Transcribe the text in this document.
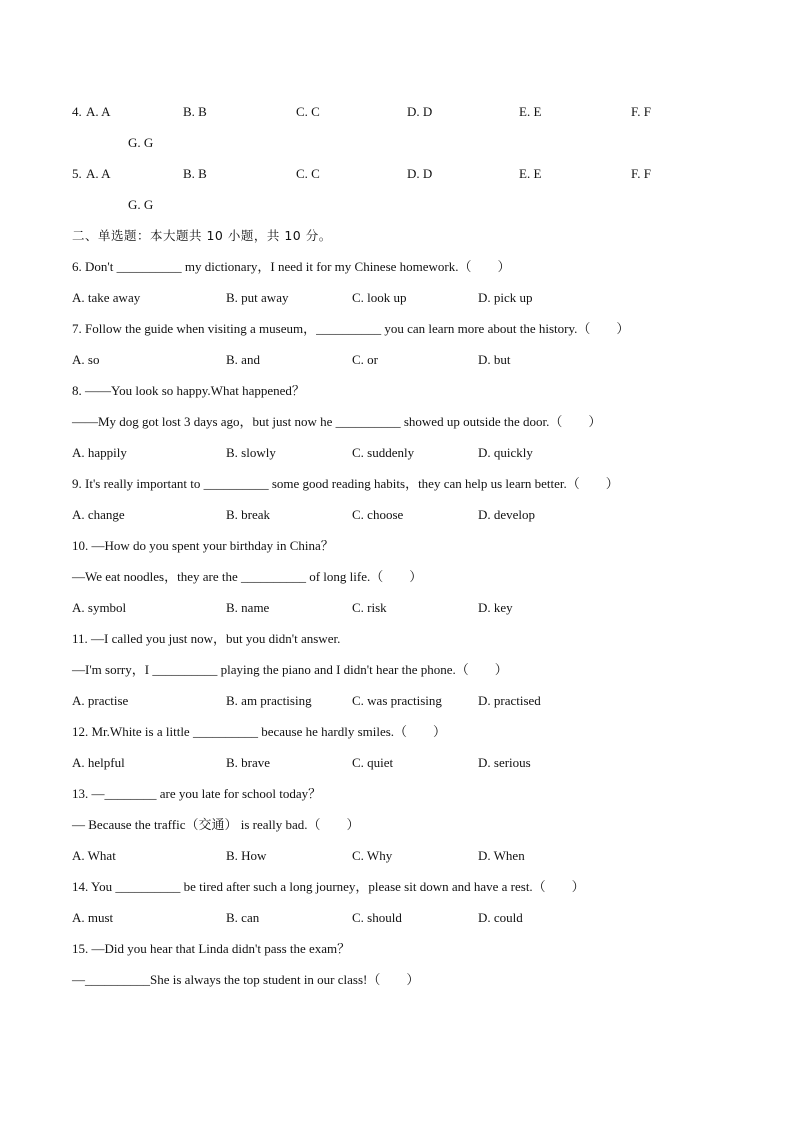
4. A. A	B. B	C. C	D. D	E. E	F. F
G. G
5. A. A	B. B	C. C	D. D	E. E	F. F
G. G
二、单选题：本大题共 10 小题，共 10 分。
6. Don't __________ my dictionary，I need it for my Chinese homework.（　　）
A. take away	B. put away	C. look up	D. pick up
7. Follow the guide when visiting a museum，__________ you can learn more about the history.（　　）
A. so	B. and	C. or	D. but
8. ——You look so happy.What happened？
——My dog got lost 3 days ago，but just now he __________ showed up outside the door.（　　）
A. happily	B. slowly	C. suddenly	D. quickly
9. It's really important to __________ some good reading habits，they can help us learn better.（　　）
A. change	B. break	C. choose	D. develop
10. —How do you spent your birthday in China？
—We eat noodles，they are the __________ of long life.（　　）
A. symbol	B. name	C. risk	D. key
11. —I called you just now，but you didn't answer.
—I'm sorry，I __________ playing the piano and I didn't hear the phone.（　　）
A. practise	B. am practising	C. was practising	D. practised
12. Mr.White is a little __________ because he hardly smiles.（　　）
A. helpful	B. brave	C. quiet	D. serious
13. —________ are you late for school today？
— Because the traffic（交通） is really bad.（　　）
A. What	B. How	C. Why	D. When
14. You __________ be tired after such a long journey，please sit down and have a rest.（　　）
A. must	B. can	C. should	D. could
15. —Did you hear that Linda didn't pass the exam？
—__________She is always the top student in our class!（　　）
